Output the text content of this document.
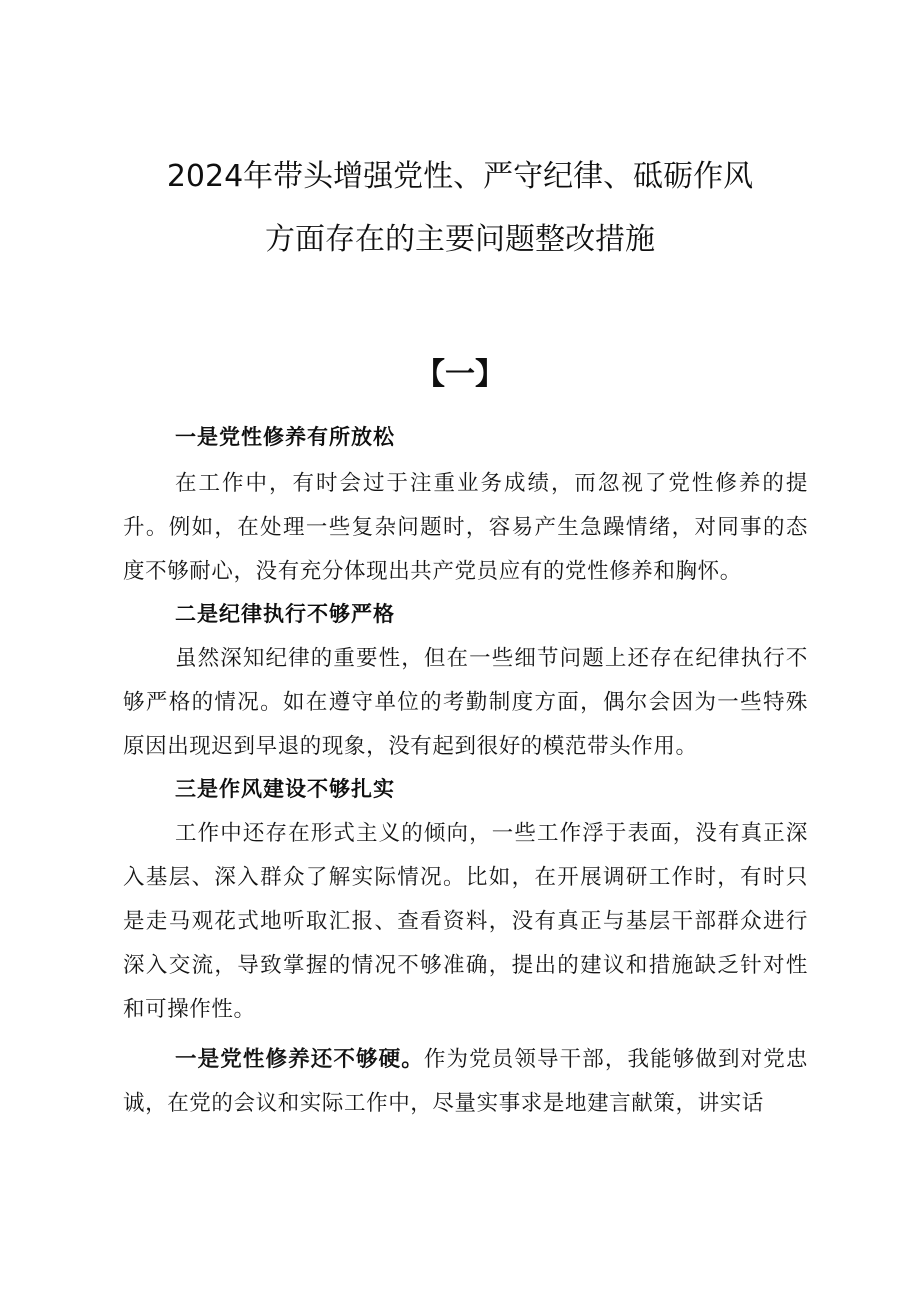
2024年带头增强党性、严守纪律、砥砺作风
方面存在的主要问题整改措施
【一】

一是党性修养有所放松

在工作中，有时会过于注重业务成绩，而忽视了党性修养的提升。例如，在处理一些复杂问题时，容易产生急躁情绪，对同事的态度不够耐心，没有充分体现出共产党员应有的党性修养和胸怀。

二是纪律执行不够严格

虽然深知纪律的重要性，但在一些细节问题上还存在纪律执行不够严格的情况。如在遵守单位的考勤制度方面，偶尔会因为一些特殊原因出现迟到早退的现象，没有起到很好的模范带头作用。

三是作风建设不够扎实

工作中还存在形式主义的倾向，一些工作浮于表面，没有真正深入基层、深入群众了解实际情况。比如，在开展调研工作时，有时只是走马观花式地听取汇报、查看资料，没有真正与基层干部群众进行深入交流，导致掌握的情况不够准确，提出的建议和措施缺乏针对性和可操作性。

一是党性修养还不够硬。作为党员领导干部，我能够做到对党忠诚，在党的会议和实际工作中，尽量实事求是地建言献策，讲实话
